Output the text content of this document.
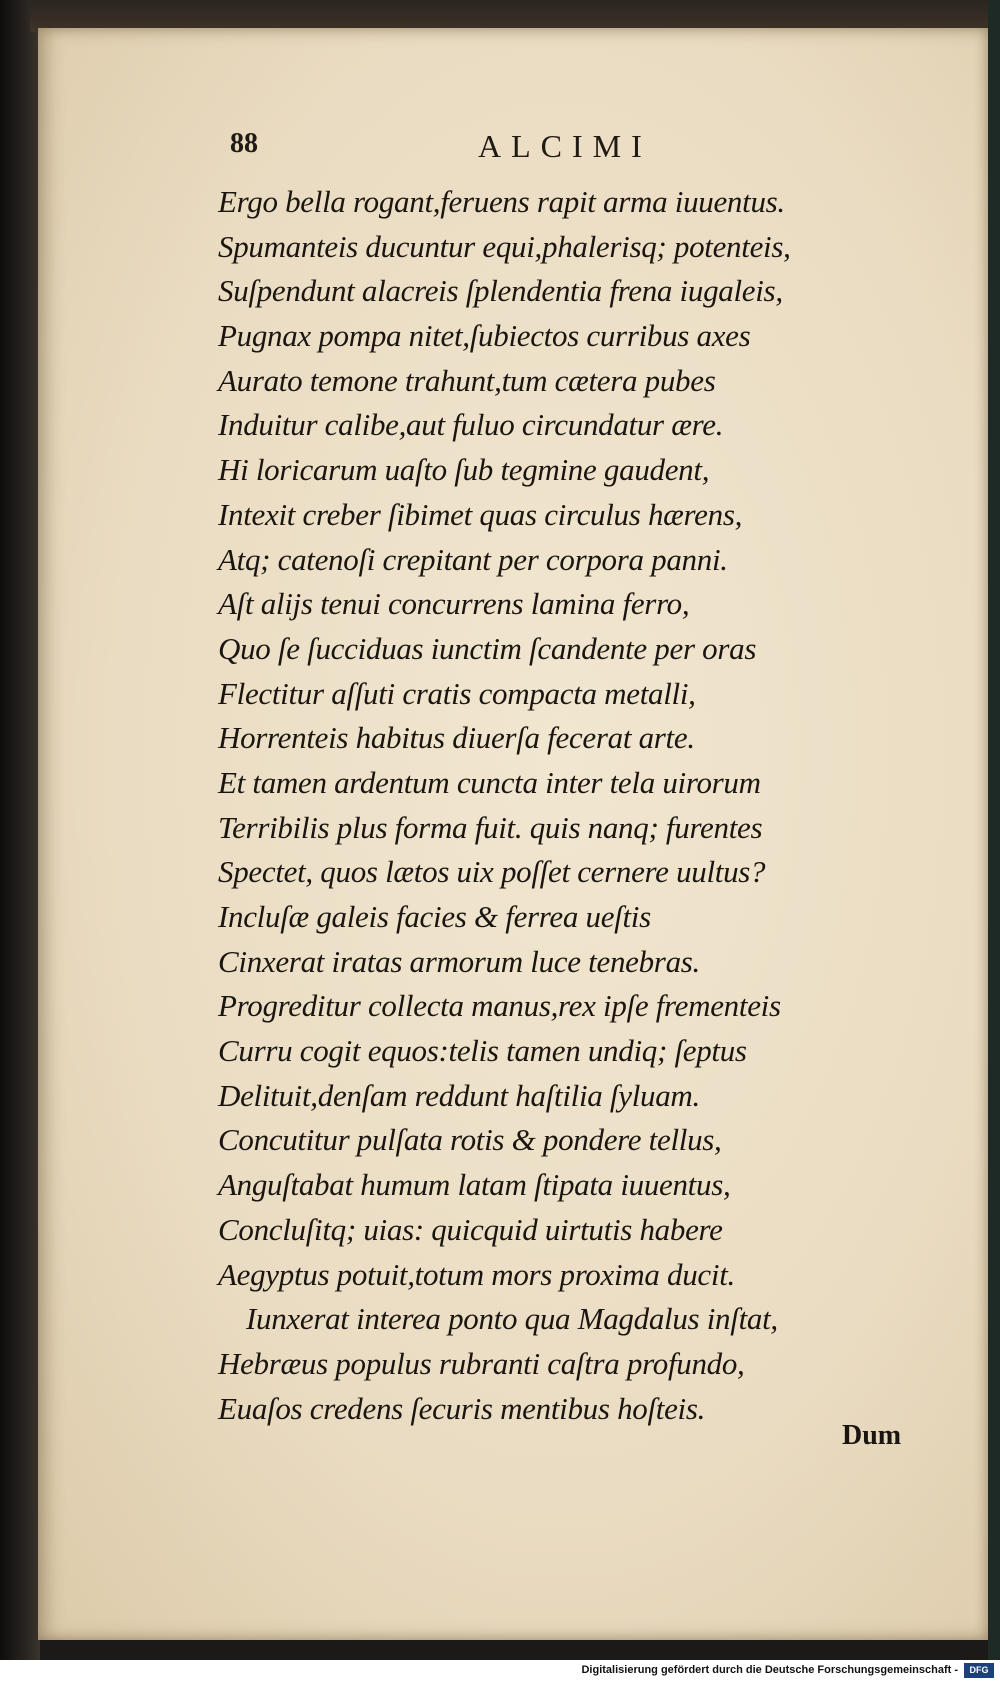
88	ALCIMI
Ergo bella rogant,feruens rapit arma iuuentus.
Spumanteis ducuntur equi,phalerisq; potenteis,
Suſpendunt alacreis ſplendentia frena iugaleis,
Pugnax pompa nitet,ſubiectos curribus axes
Aurato temone trahunt,tum cætera pubes
Induitur calibe,aut fuluo circundatur ære.
Hi loricarum uaſto ſub tegmine gaudent,
Intexit creber ſibimet quas circulus hærens,
Atq; catenoſi crepitant per corpora panni.
Aſt alijs tenui concurrens lamina ferro,
Quo ſe ſucciduas iunctim ſcandente per oras
Flectitur aſſuti cratis compacta metalli,
Horrenteis habitus diuerſa fecerat arte.
Et tamen ardentum cuncta inter tela uirorum
Terribilis plus forma fuit. quis nanq; furentes
Spectet, quos lætos uix poſſet cernere uultus?
Incluſæ galeis facies & ferrea ueſtis
Cinxerat iratas armorum luce tenebras.
Progreditur collecta manus,rex ipſe frementeis
Curru cogit equos:telis tamen undiq; ſeptus
Delituit,denſam reddunt haſtilia ſyluam.
Concutitur pulſata rotis & pondere tellus,
Anguſtabat humum latam ſtipata iuuentus,
Concluſitq; uias: quicquid uirtutis habere
Aegyptus potuit,totum mors proxima ducit.
Iunxerat interea ponto qua Magdalus inſtat,
Hebræus populus rubranti caſtra profundo,
Euaſos credens ſecuris mentibus hoſteis.
Dum
Digitalisierung gefördert durch die Deutsche Forschungsgemeinschaft -	DFG
